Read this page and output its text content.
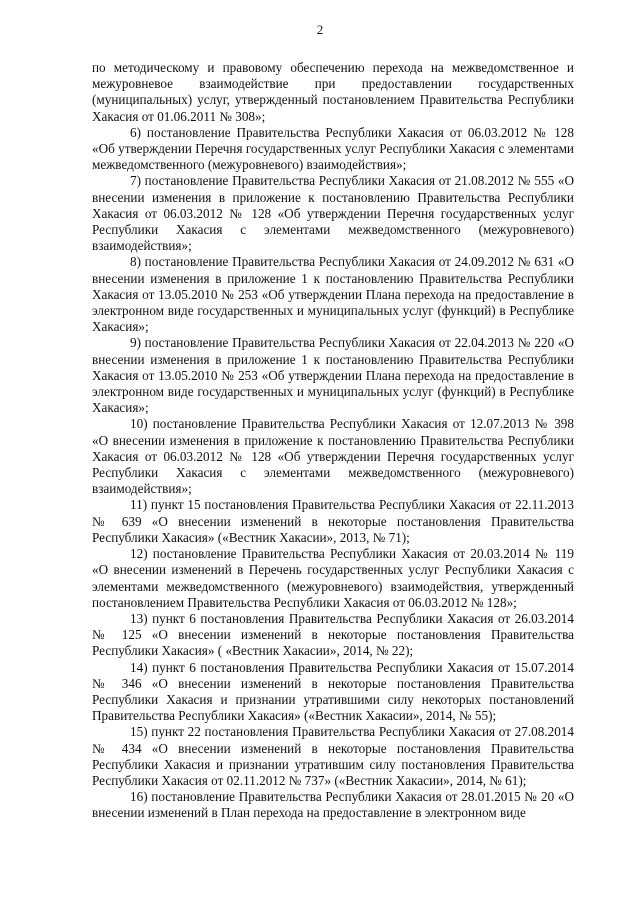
2

по методическому и правовому обеспечению перехода на межведомственное и межуровневое взаимодействие при предоставлении государственных (муниципальных) услуг, утвержденный постановлением Правительства Республики Хакасия от 01.06.2011 № 308»;

6) постановление Правительства Республики Хакасия от 06.03.2012 № 128 «Об утверждении Перечня государственных услуг Республики Хакасия с элементами межведомственного (межуровневого) взаимодействия»;

7) постановление Правительства Республики Хакасия от 21.08.2012 № 555 «О внесении изменения в приложение к постановлению Правительства Республики Хакасия от 06.03.2012 № 128 «Об утверждении Перечня государственных услуг Республики Хакасия с элементами межведомственного (межуровневого) взаимодействия»;

8) постановление Правительства Республики Хакасия от 24.09.2012 № 631 «О внесении изменения в приложение 1 к постановлению Правительства Республики Хакасия от 13.05.2010 № 253 «Об утверждении Плана перехода на предоставление в электронном виде государственных и муниципальных услуг (функций) в Республике Хакасия»;

9) постановление Правительства Республики Хакасия от 22.04.2013 № 220 «О внесении изменения в приложение 1 к постановлению Правительства Республики Хакасия от 13.05.2010 № 253 «Об утверждении Плана перехода на предоставление в электронном виде государственных и муниципальных услуг (функций) в Республике Хакасия»;

10) постановление Правительства Республики Хакасия от 12.07.2013 № 398 «О внесении изменения в приложение к постановлению Правительства Республики Хакасия от 06.03.2012 № 128 «Об утверждении Перечня государственных услуг Республики Хакасия с элементами межведомственного (межуровневого) взаимодействия»;

11) пункт 15 постановления Правительства Республики Хакасия от 22.11.2013 № 639 «О внесении изменений в некоторые постановления Правительства Республики Хакасия» («Вестник Хакасии», 2013, № 71);

12) постановление Правительства Республики Хакасия от 20.03.2014 № 119 «О внесении изменений в Перечень государственных услуг Республики Хакасия с элементами межведомственного (межуровневого) взаимодействия, утвержденный постановлением Правительства Республики Хакасия от 06.03.2012 № 128»;

13) пункт 6 постановления Правительства Республики Хакасия от 26.03.2014 № 125 «О внесении изменений в некоторые постановления Правительства Республики Хакасия» ( «Вестник Хакасии», 2014, № 22);

14) пункт 6 постановления Правительства Республики Хакасия от 15.07.2014 № 346 «О внесении изменений в некоторые постановления Правительства Республики Хакасия и признании утратившими силу некоторых постановлений Правительства Республики Хакасия» («Вестник Хакасии», 2014, № 55);

15) пункт 22 постановления Правительства Республики Хакасия от 27.08.2014 № 434 «О внесении изменений в некоторые постановления Правительства Республики Хакасия и признании утратившим силу постановления Правительства Республики Хакасия от 02.11.2012 № 737» («Вестник Хакасии», 2014, № 61);

16) постановление Правительства Республики Хакасия от 28.01.2015 № 20 «О внесении изменений в План перехода на предоставление в электронном виде
